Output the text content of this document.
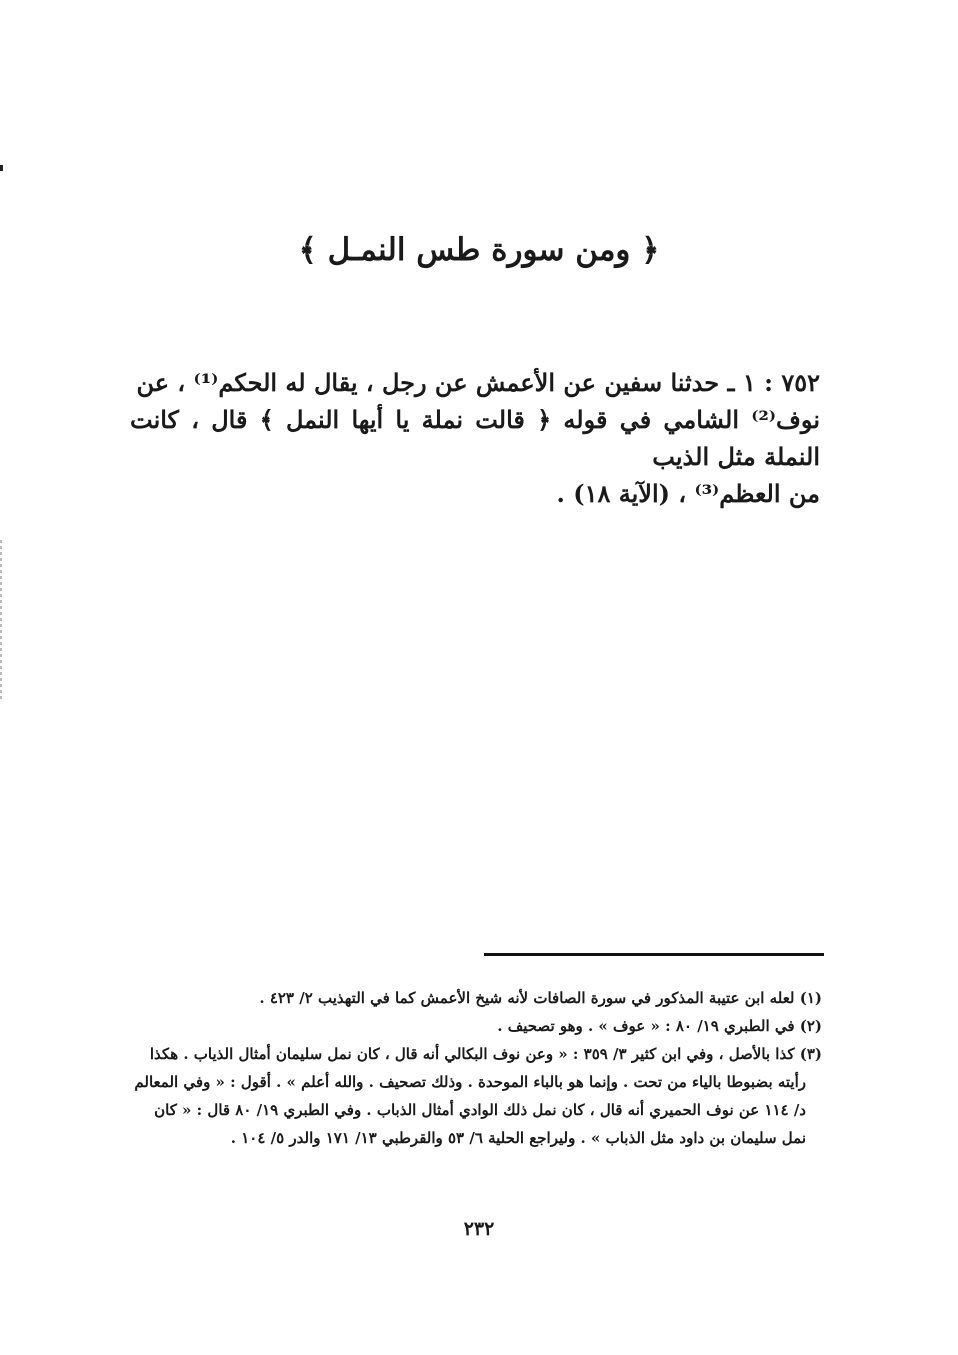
﴿ ومن سورة طس النمـل ﴾

٧٥٢ : ١ ـ حدثنا سفين عن الأعمش عن رجل ، يقال له الحكم⁽¹⁾ ، عن

نوف⁽²⁾ الشامي في قوله ﴿ قالت نملة يا أيها النمل ﴾ قال ، كانت النملة مثل الذيب

من العظم⁽³⁾ ، (الآية ١٨) .

(١) لعله ابن عتيبة المذكور في سورة الصافات لأنه شيخ الأعمش كما في التهذيب ٢/ ٤٢٣ .

(٢) في الطبري ١٩/ ٨٠ : « عوف » . وهو تصحيف .

(٣) كذا بالأصل ، وفي ابن كثير ٣/ ٣٥٩ : « وعن نوف البكالي أنه قال ، كان نمل سليمان أمثال الذياب . هكذا

رأيته بضبوطا بالياء من تحت . وإنما هو بالباء الموحدة . وذلك تصحيف . والله أعلم » . أقول : « وفي المعالم

د/ ١١٤ عن نوف الحميري أنه قال ، كان نمل ذلك الوادي أمثال الذباب . وفي الطبري ١٩/ ٨٠ قال : « كان

نمل سليمان بن داود مثل الذباب » . وليراجع الحلية ٦/ ٥٣ والقرطبي ١٣/ ١٧١ والدر ٥/ ١٠٤ .

٢٣٢
